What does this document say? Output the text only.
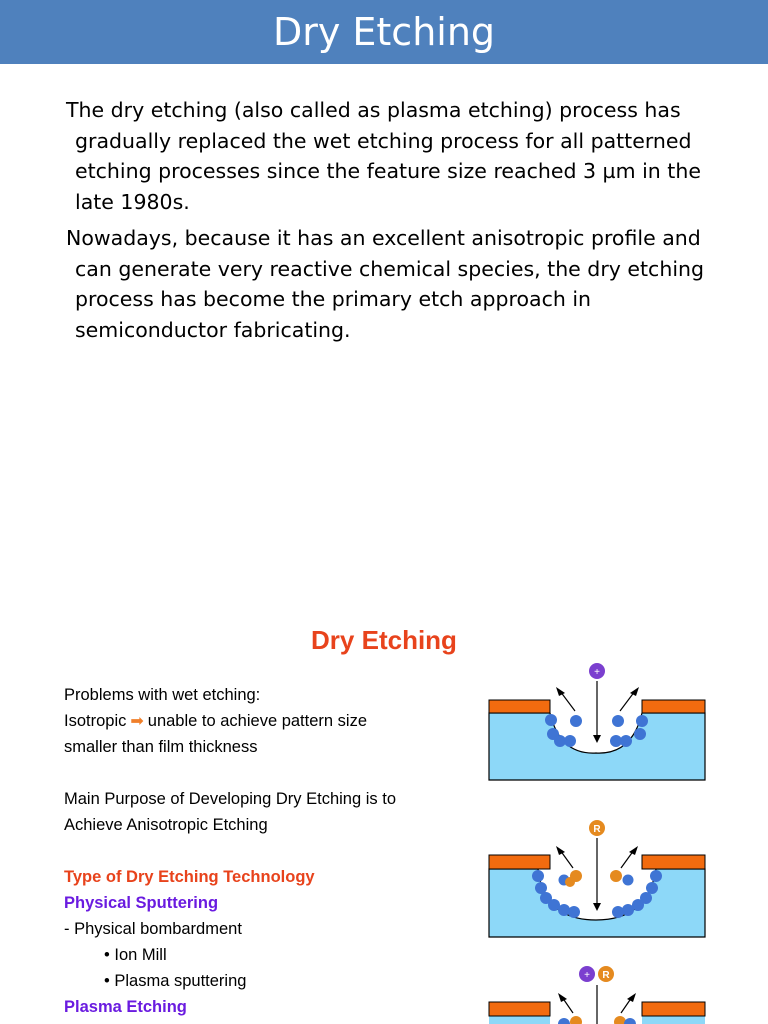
Dry Etching

The dry etching (also called as plasma etching) process has gradually replaced the wet etching process for all patterned etching processes since the feature size reached 3 µm in the late 1980s.

Nowadays, because it has an excellent anisotropic profile and can generate very reactive chemical species, the dry etching process has become the primary etch approach in semiconductor fabricating.

Dry Etching
Problems with wet etching:
Isotropic ➡ unable to achieve pattern size
smaller than film thickness
Main Purpose of Developing Dry Etching is to
Achieve Anisotropic Etching
Type of Dry Etching Technology
Physical Sputtering
- Physical bombardment
• Ion Mill
• Plasma sputtering
Plasma Etching
+
R
+ R
